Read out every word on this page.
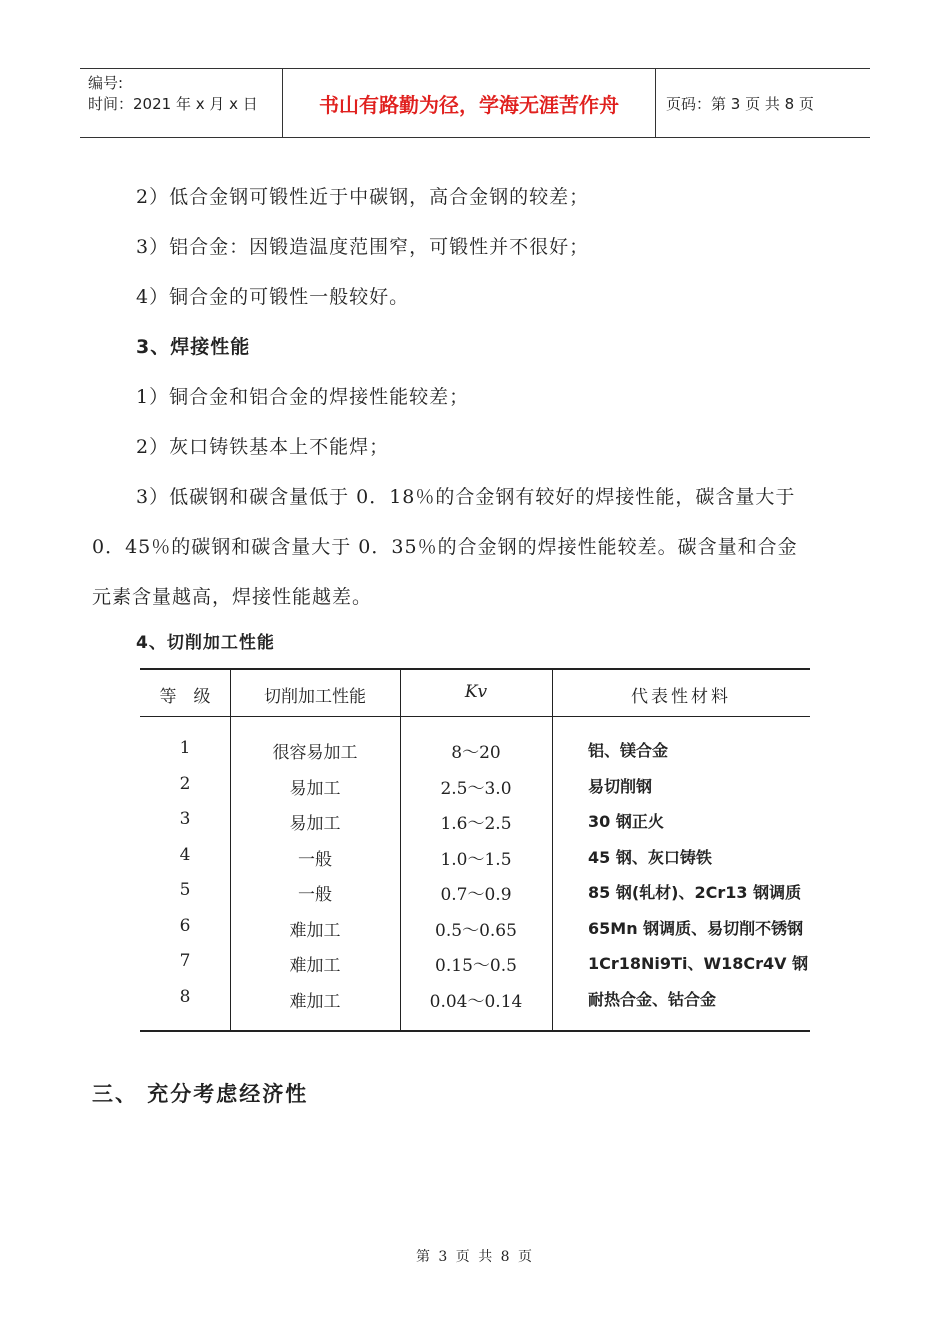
编号:
时间：2021 年 x 月 x 日	书山有路勤为径，学海无涯苦作舟	页码：第 3 页 共 8 页
2）低合金钢可锻性近于中碳钢，高合金钢的较差；
3）铝合金：因锻造温度范围窄，可锻性并不很好；
4）铜合金的可锻性一般较好。
3、焊接性能
1）铜合金和铝合金的焊接性能较差；
2）灰口铸铁基本上不能焊；
3）低碳钢和碳含量低于 0．18％的合金钢有较好的焊接性能，碳含量大于
0．45％的碳钢和碳含量大于 0．35％的合金钢的焊接性能较差。碳含量和合金
元素含量越高，焊接性能越差。
4、切削加工性能
等　级	切削加工性能	Kv	代表性材料
1	很容易加工	8～20	铝、镁合金
2	易加工	2.5～3.0	易切削钢
3	易加工	1.6～2.5	30 钢正火
4	一般	1.0～1.5	45 钢、灰口铸铁
5	一般	0.7～0.9	85 钢(轧材)、2Cr13 钢调质
6	难加工	0.5～0.65	65Mn 钢调质、易切削不锈钢
7	难加工	0.15～0.5	1Cr18Ni9Ti、W18Cr4V 钢
8	难加工	0.04～0.14	耐热合金、钴合金
三、 充分考虑经济性
第 3 页 共 8 页
